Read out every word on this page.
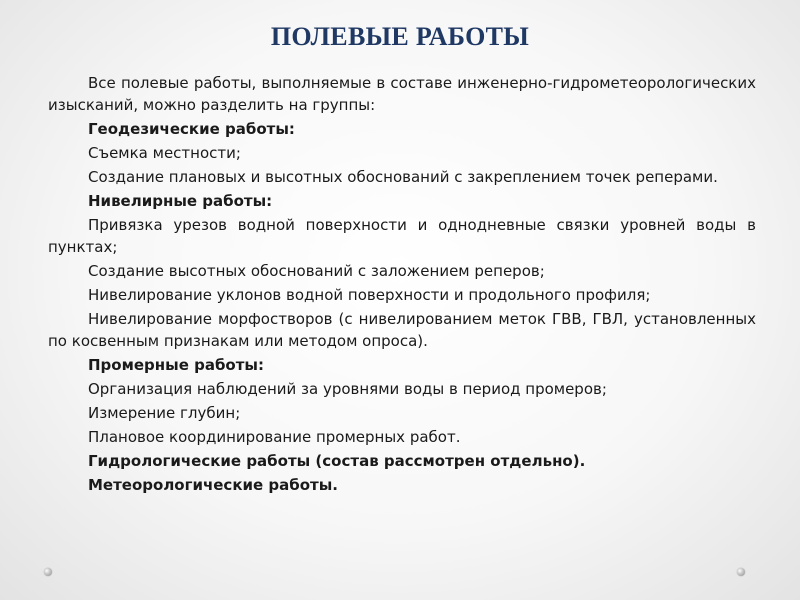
ПОЛЕВЫЕ РАБОТЫ

Все полевые работы, выполняемые в составе инженерно-гидрометеорологических изысканий, можно разделить на группы:

Геодезические работы:

Съемка местности;

Создание плановых и высотных обоснований с закреплением точек реперами.

Нивелирные работы:

Привязка урезов водной поверхности и однодневные связки уровней воды в пунктах;

Создание высотных обоснований с заложением реперов;

Нивелирование уклонов водной поверхности и продольного профиля;

Нивелирование морфостворов (с нивелированием меток ГВВ, ГВЛ, установленных по косвенным признакам или методом опроса).

Промерные работы:

Организация наблюдений за уровнями воды в период промеров;

Измерение глубин;

Плановое координирование промерных работ.

Гидрологические работы (состав рассмотрен отдельно).

Метеорологические работы.
